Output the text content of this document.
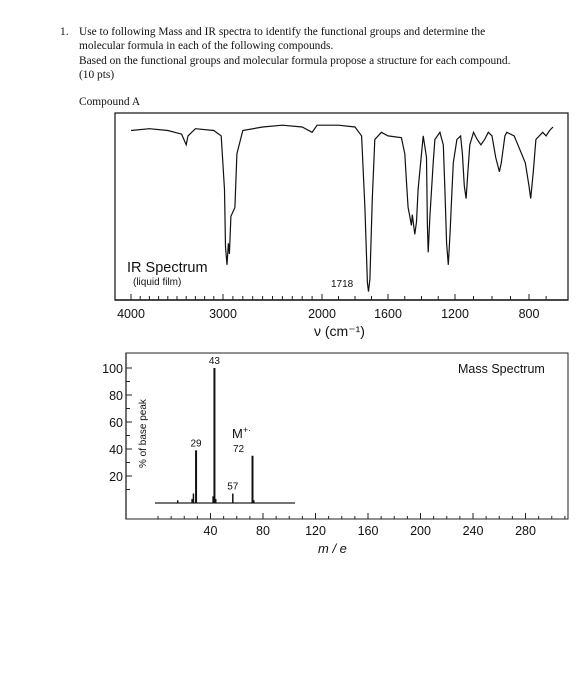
1. Use to following Mass and IR spectra to identify the functional groups and determine the
molecular formula in each of the following compounds.
Based on the functional groups and molecular formula propose a structure for each compound.
(10 pts)
Compound A
4000	3000	2000	1600	1200	800
IR Spectrum
(liquid film)	1718
ν (cm⁻¹)
20
40
60
80
100
40	80	120	160	200	240	280
29
43
57
Mass Spectrum
% of base peak
m / e
M+·
72
